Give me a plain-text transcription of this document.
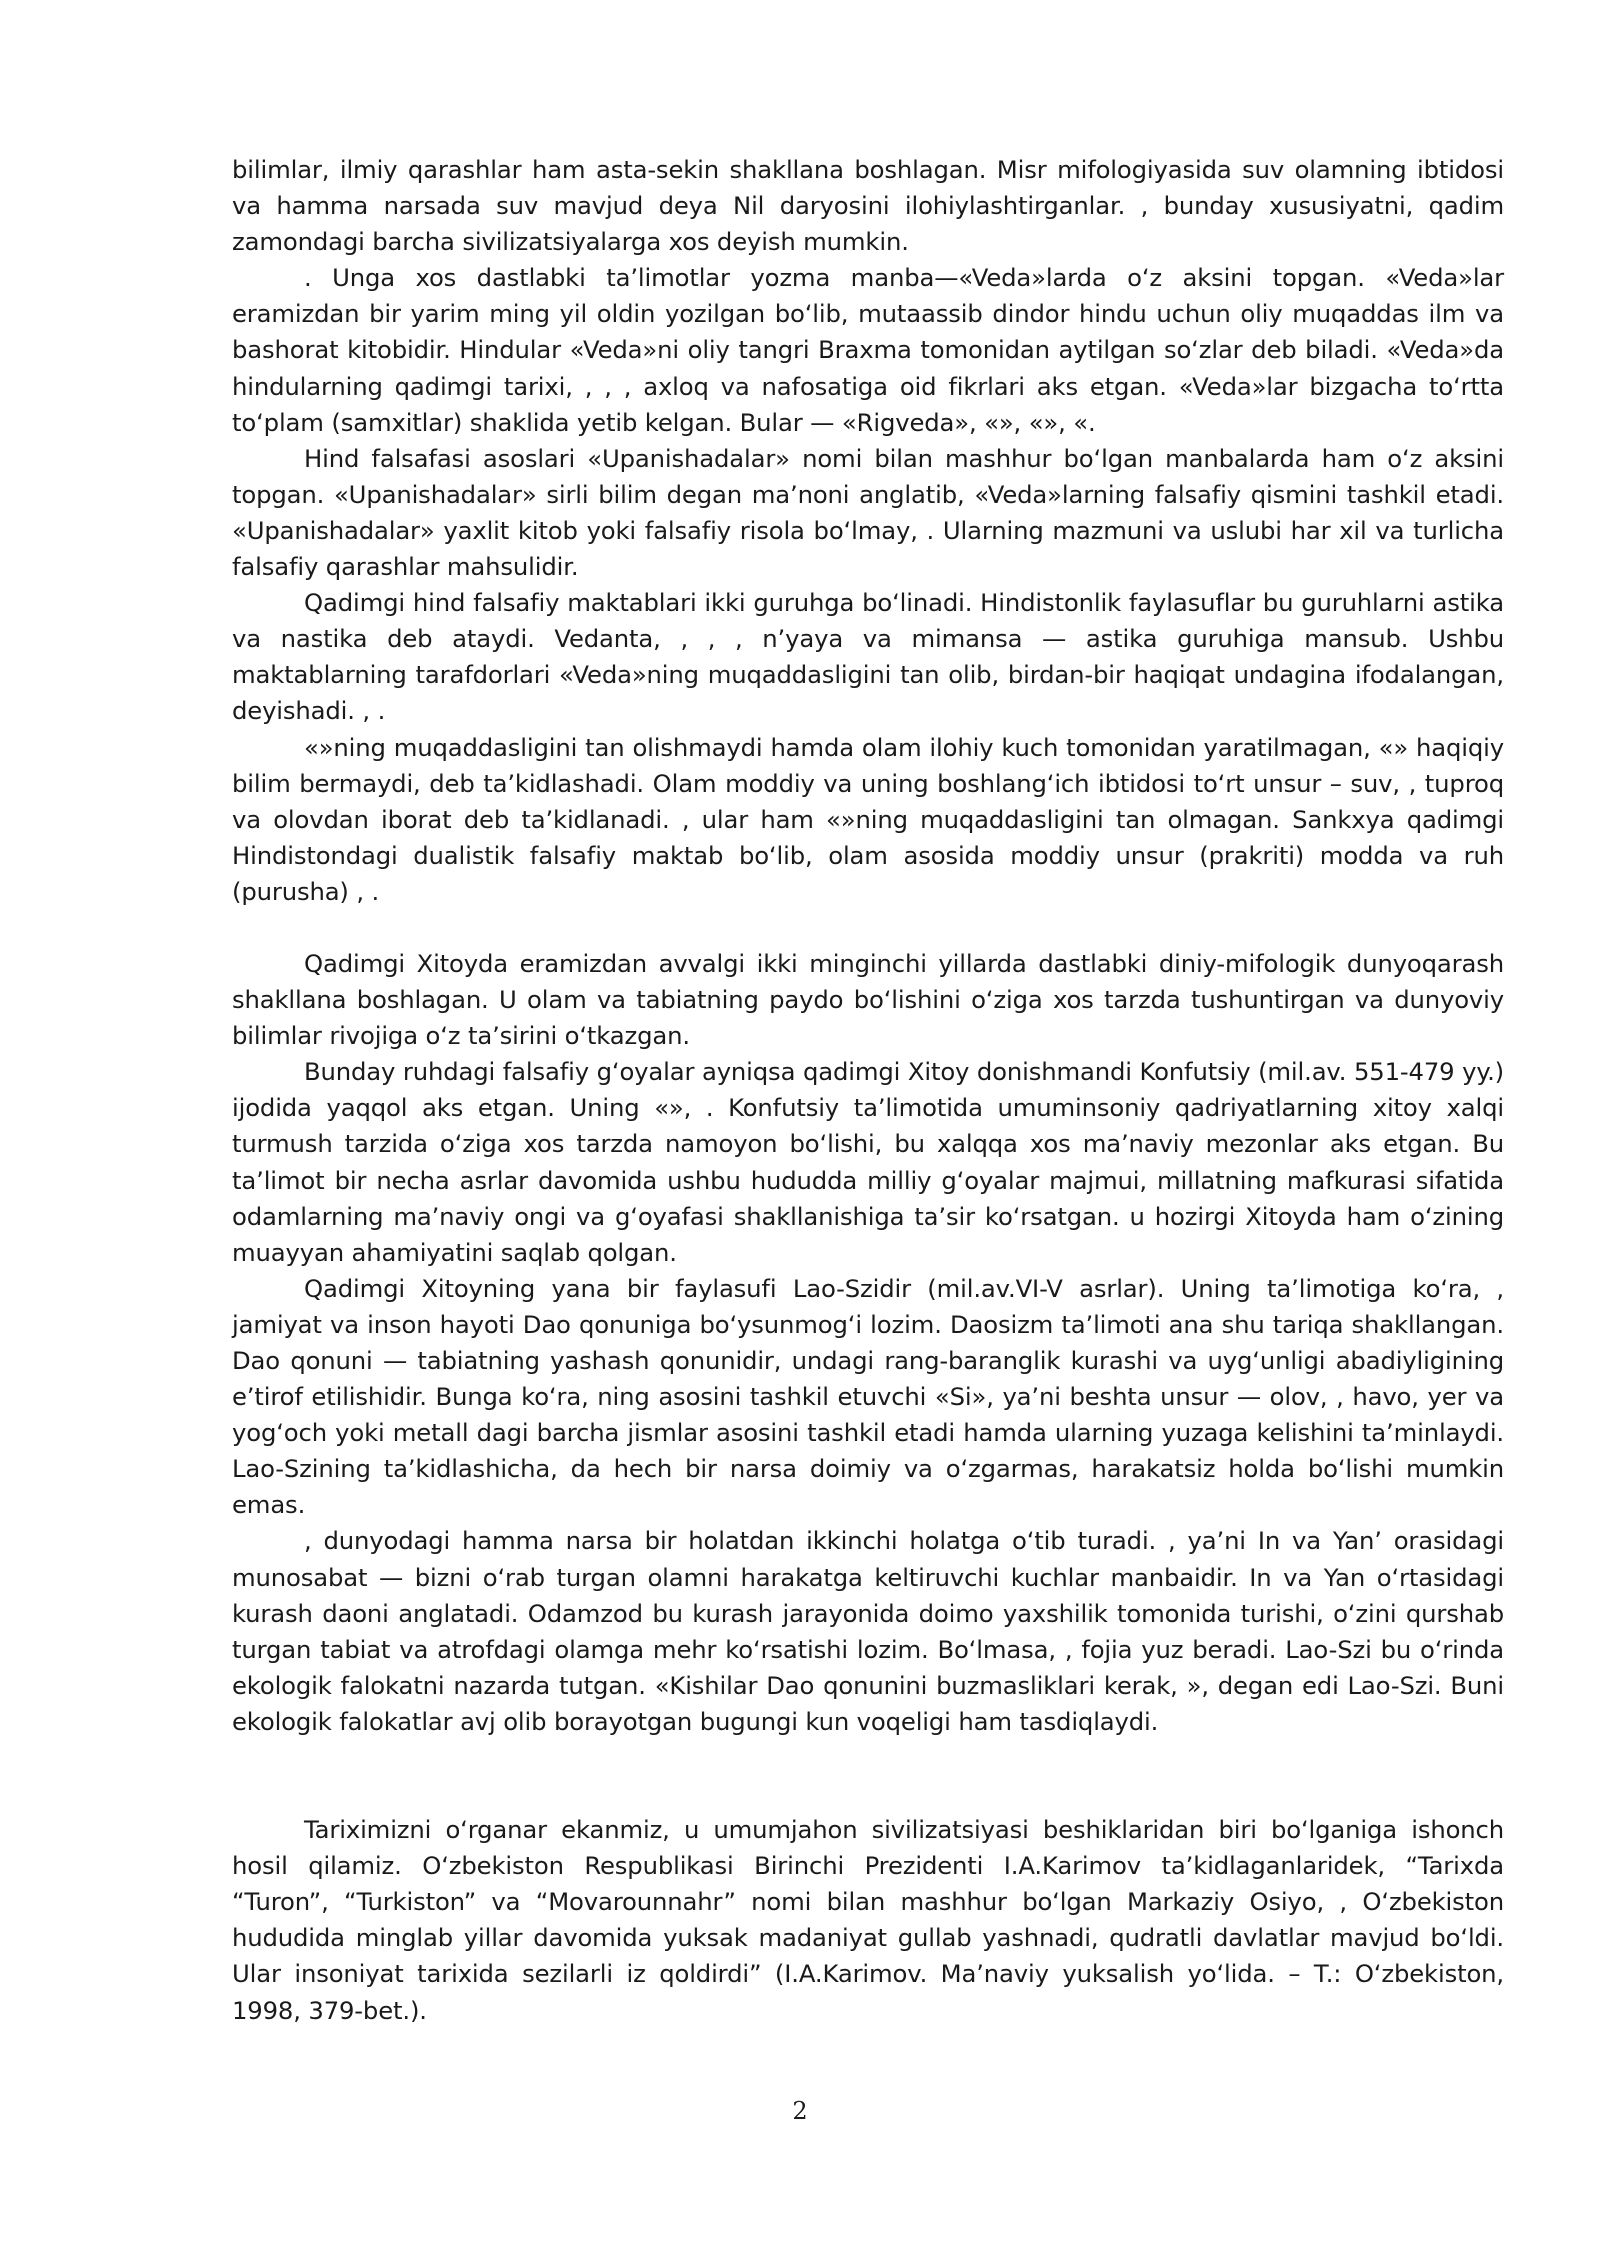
bilimlar, ilmiy qarashlar ham asta-sekin shakllana boshlagan. Misr mifologiyasida suv olamning ibtidosi va hamma narsada suv mavjud deya Nil daryosini ilohiylashtirganlar. , bunday xususiyatni, qadim zamondagi barcha sivilizatsiyalarga xos deyish mumkin.

. Unga xos dastlabki ta’limotlar yozma manba—«Veda»larda o‘z aksini topgan. «Veda»lar eramizdan bir yarim ming yil oldin yozilgan bo‘lib, mutaassib dindor hindu uchun oliy muqaddas ilm va bashorat kitobidir. Hindular «Veda»ni oliy tangri Braxma tomonidan aytilgan so‘zlar deb biladi. «Veda»da hindularning qadimgi tarixi, , , , axloq va nafosatiga oid fikrlari aks etgan. «Veda»lar bizgacha to‘rtta to‘plam (samxitlar) shaklida yetib kelgan. Bular — «Rigveda», «», «», «.

Hind falsafasi asoslari «Upanishadalar» nomi bilan mashhur bo‘lgan manbalarda ham o‘z aksini topgan. «Upanishadalar» sirli bilim degan ma’noni anglatib, «Veda»larning falsafiy qismini tashkil etadi. «Upanishadalar» yaxlit kitob yoki falsafiy risola bo‘lmay, . Ularning mazmuni va uslubi har xil va turlicha falsafiy qarashlar mahsulidir.

Qadimgi hind falsafiy maktablari ikki guruhga bo‘linadi. Hindistonlik faylasuflar bu guruhlarni astika va nastika deb ataydi. Vedanta, , , , n’yaya va mimansa — astika guruhiga mansub. Ushbu maktablarning tarafdorlari «Veda»ning muqaddasligini tan olib, birdan-bir haqiqat undagina ifodalangan, deyishadi. , .

«»ning muqaddasligini tan olishmaydi hamda olam ilohiy kuch tomonidan yaratilmagan, «» haqiqiy bilim bermaydi, deb ta’kidlashadi. Olam moddiy va uning boshlang‘ich ibtidosi to‘rt unsur – suv, , tuproq va olovdan iborat deb ta’kidlanadi. , ular ham «»ning muqaddasligini tan olmagan. Sankxya qadimgi Hindistondagi dualistik falsafiy maktab bo‘lib, olam asosida moddiy unsur (prakriti) modda va ruh (purusha) , .

Qadimgi Xitoyda eramizdan avvalgi ikki minginchi yillarda dastlabki diniy-mifologik dunyoqarash shakllana boshlagan. U olam va tabiatning paydo bo‘lishini o‘ziga xos tarzda tushuntirgan va dunyoviy bilimlar rivojiga o‘z ta’sirini o‘tkazgan.

Bunday ruhdagi falsafiy g‘oyalar ayniqsa qadimgi Xitoy donishmandi Konfutsiy (mil.av. 551-479 yy.) ijodida yaqqol aks etgan. Uning «», . Konfutsiy ta’limotida umuminsoniy qadriyatlarning xitoy xalqi turmush tarzida o‘ziga xos tarzda namoyon bo‘lishi, bu xalqqa xos ma’naviy mezonlar aks etgan. Bu ta’limot bir necha asrlar davomida ushbu hududda milliy g‘oyalar majmui, millatning mafkurasi sifatida odamlarning ma’naviy ongi va g‘oyafasi shakllanishiga ta’sir ko‘rsatgan. u hozirgi Xitoyda ham o‘zining muayyan ahamiyatini saqlab qolgan.

Qadimgi Xitoyning yana bir faylasufi Lao-Szidir (mil.av.VI-V asrlar). Uning ta’limotiga ko‘ra, , jamiyat va inson hayoti Dao qonuniga bo‘ysunmog‘i lozim. Daosizm ta’limoti ana shu tariqa shakllangan. Dao qonuni — tabiatning yashash qonunidir, undagi rang-baranglik kurashi va uyg‘unligi abadiyligining e’tirof etilishidir. Bunga ko‘ra, ning asosini tashkil etuvchi «Si», ya’ni beshta unsur — olov, , havo, yer va yog‘och yoki metall dagi barcha jismlar asosini tashkil etadi hamda ularning yuzaga kelishini ta’minlaydi. Lao-Szining ta’kidlashicha, da hech bir narsa doimiy va o‘zgarmas, harakatsiz holda bo‘lishi mumkin emas.

, dunyodagi hamma narsa bir holatdan ikkinchi holatga o‘tib turadi. , ya’ni In va Yan’ orasidagi munosabat — bizni o‘rab turgan olamni harakatga keltiruvchi kuchlar manbaidir. In va Yan o‘rtasidagi kurash daoni anglatadi. Odamzod bu kurash jarayonida doimo yaxshilik tomonida turishi, o‘zini qurshab turgan tabiat va atrofdagi olamga mehr ko‘rsatishi lozim. Bo‘lmasa, , fojia yuz beradi. Lao-Szi bu o‘rinda ekologik falokatni nazarda tutgan. «Kishilar Dao qonunini buzmasliklari kerak, », degan edi Lao-Szi. Buni ekologik falokatlar avj olib borayotgan bugungi kun voqeligi ham tasdiqlaydi.

Tariximizni o‘rganar ekanmiz, u umumjahon sivilizatsiyasi beshiklaridan biri bo‘lganiga ishonch hosil qilamiz. O‘zbekiston Respublikasi Birinchi Prezidenti I.A.Karimov ta’kidlaganlaridek, “Tarixda “Turon”, “Turkiston” va “Movarounnahr” nomi bilan mashhur bo‘lgan Markaziy Osiyo, , O‘zbekiston hududida minglab yillar davomida yuksak madaniyat gullab yashnadi, qudratli davlatlar mavjud bo‘ldi. Ular insoniyat tarixida sezilarli iz qoldirdi” (I.A.Karimov. Ma’naviy yuksalish yo‘lida. – T.: O‘zbekiston, 1998, 379-bet.).

2
